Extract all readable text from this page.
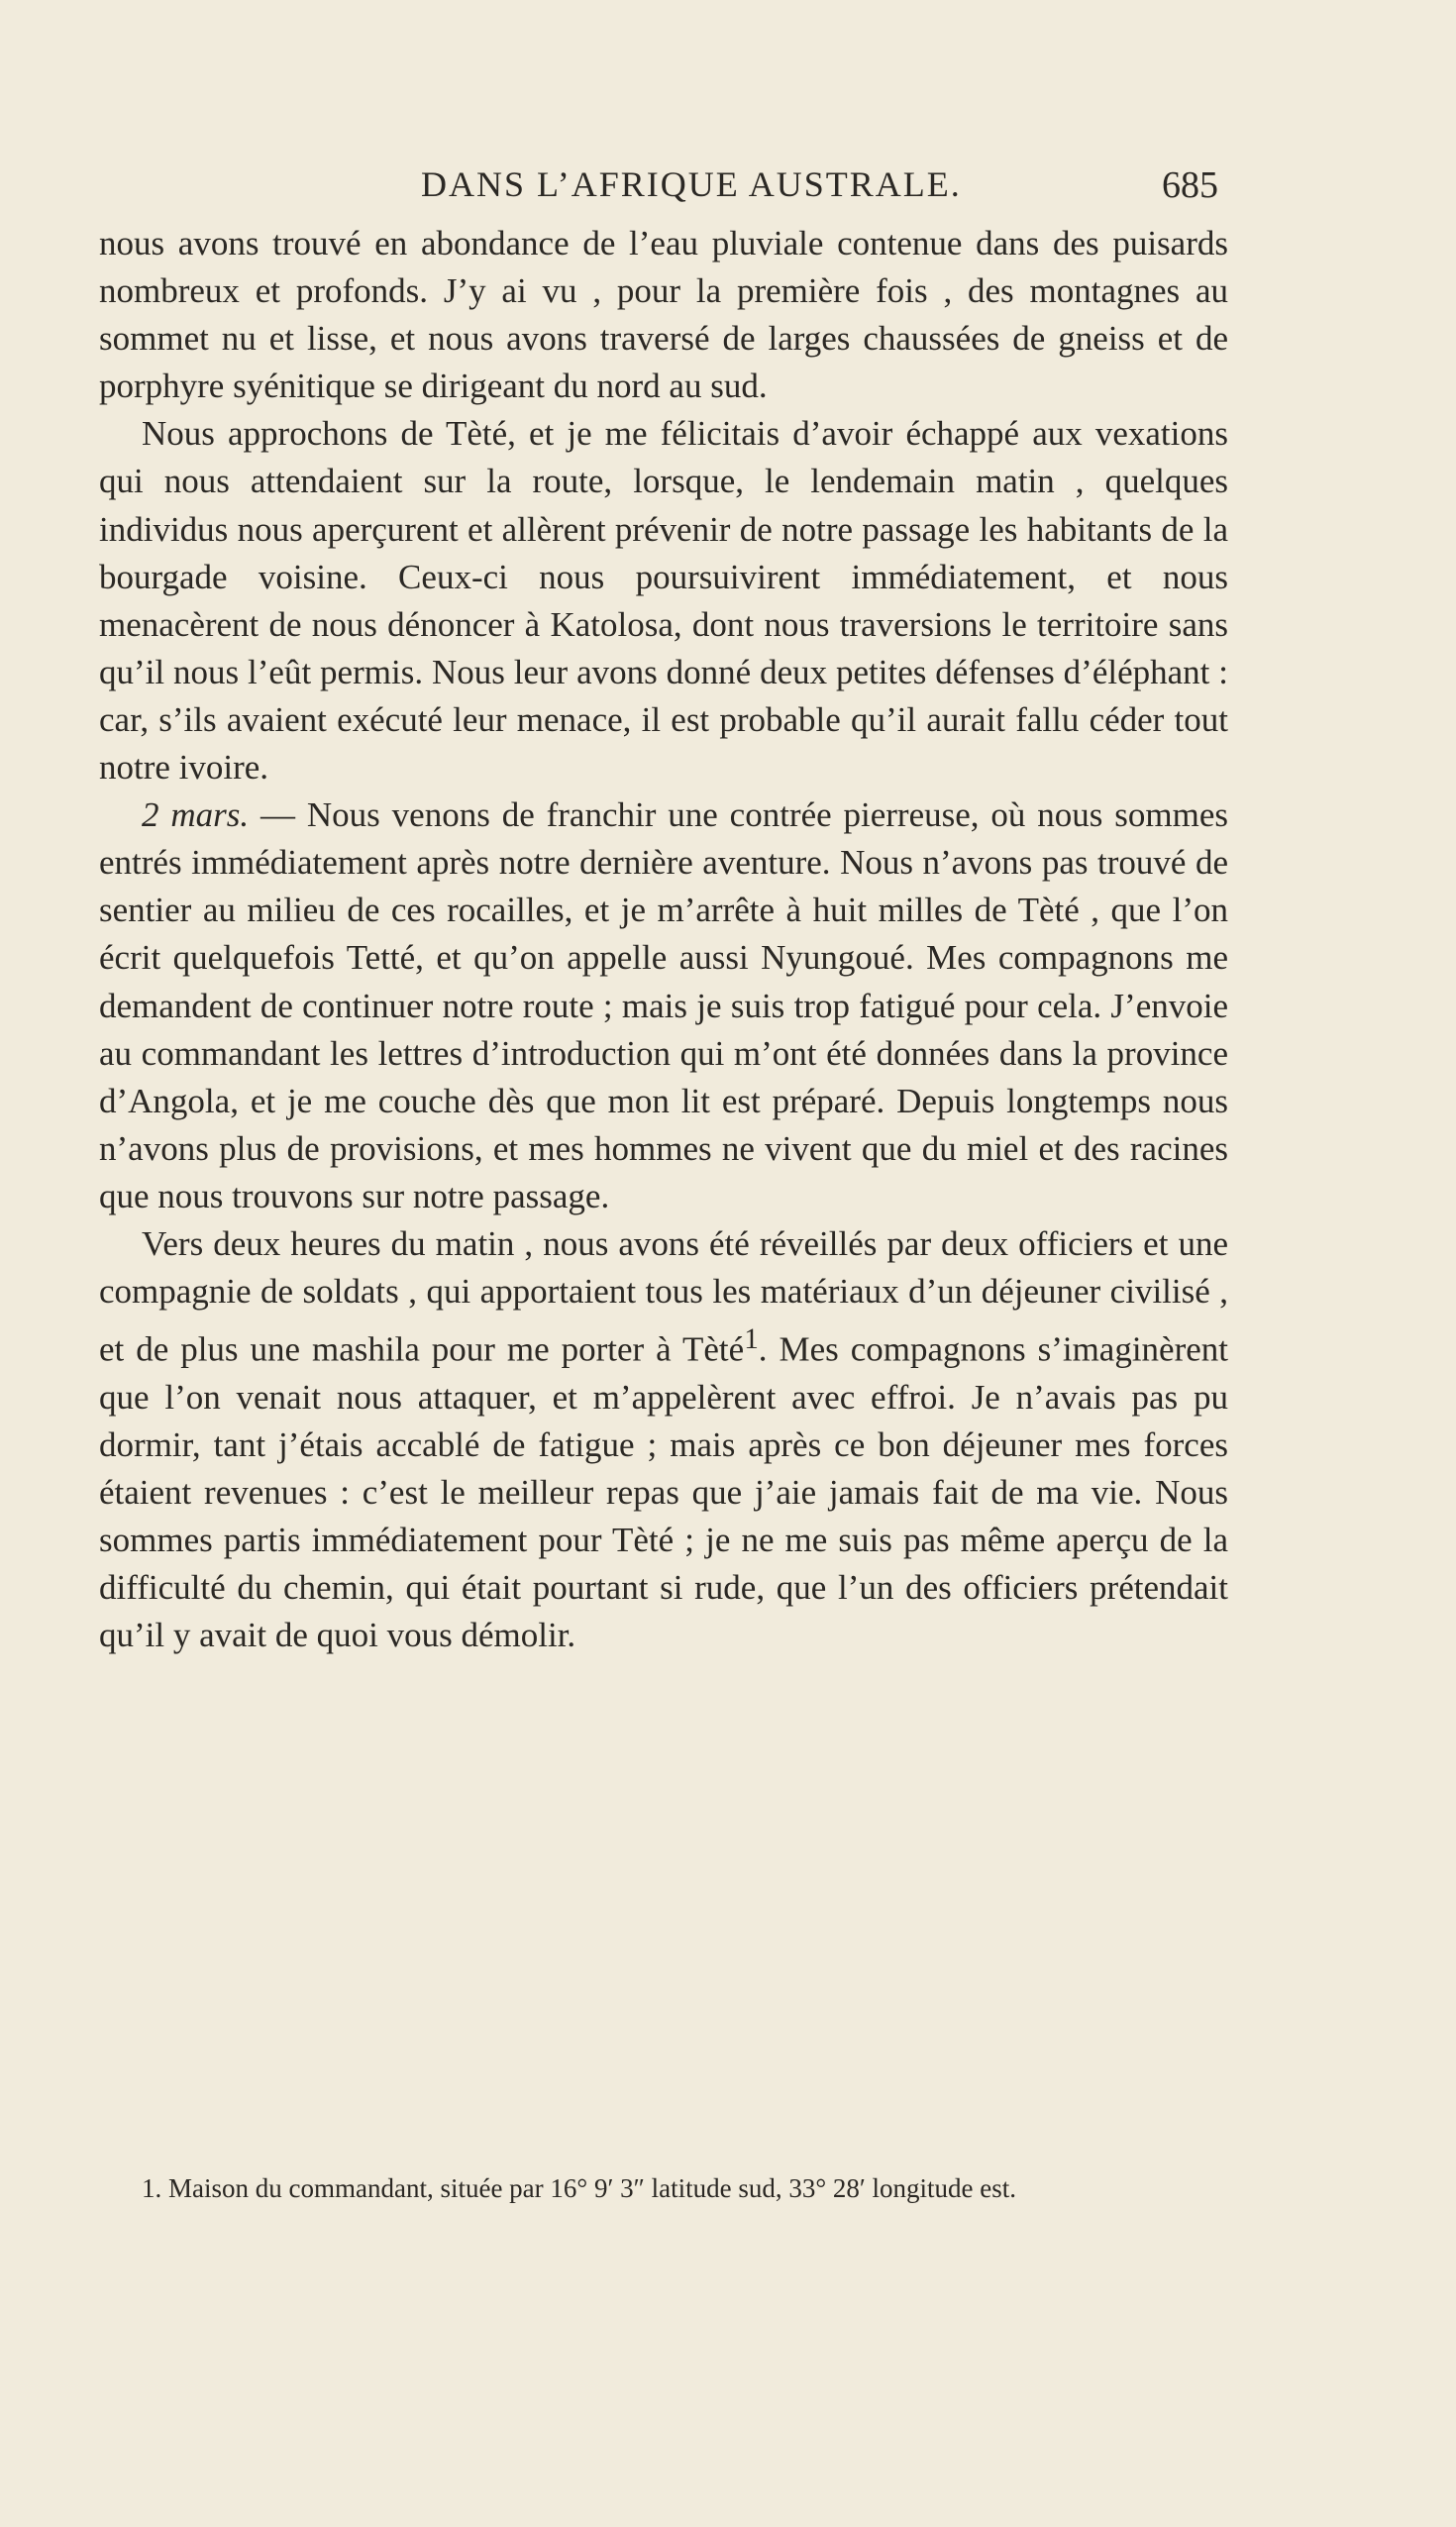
DANS L’AFRIQUE AUSTRALE.	685

nous avons trouvé en abondance de l’eau pluviale contenue dans des puisards nombreux et profonds. J’y ai vu , pour la première fois , des montagnes au sommet nu et lisse, et nous avons traversé de larges chaussées de gneiss et de porphyre syénitique se dirigeant du nord au sud.

Nous approchons de Tèté, et je me félicitais d’avoir échappé aux vexations qui nous attendaient sur la route, lorsque, le lendemain matin , quelques individus nous aperçurent et allèrent prévenir de notre passage les habitants de la bourgade voisine. Ceux-ci nous poursuivirent immédiatement, et nous menacèrent de nous dénoncer à Katolosa, dont nous traversions le territoire sans qu’il nous l’eût permis. Nous leur avons donné deux petites défenses d’éléphant : car, s’ils avaient exécuté leur menace, il est probable qu’il aurait fallu céder tout notre ivoire.

2 mars. — Nous venons de franchir une contrée pierreuse, où nous sommes entrés immédiatement après notre dernière aventure. Nous n’avons pas trouvé de sentier au milieu de ces rocailles, et je m’arrête à huit milles de Tèté , que l’on écrit quelquefois Tetté, et qu’on appelle aussi Nyungoué. Mes compagnons me demandent de continuer notre route ; mais je suis trop fatigué pour cela. J’envoie au commandant les lettres d’introduction qui m’ont été données dans la province d’Angola, et je me couche dès que mon lit est préparé. Depuis longtemps nous n’avons plus de provisions, et mes hommes ne vivent que du miel et des racines que nous trouvons sur notre passage.

Vers deux heures du matin , nous avons été réveillés par deux officiers et une compagnie de soldats , qui apportaient tous les matériaux d’un déjeuner civilisé , et de plus une mashila pour me porter à Tèté$^1$. Mes compagnons s’imaginèrent que l’on venait nous attaquer, et m’appelèrent avec effroi. Je n’avais pas pu dormir, tant j’étais accablé de fatigue ; mais après ce bon déjeuner mes forces étaient revenues : c’est le meilleur repas que j’aie jamais fait de ma vie. Nous sommes partis immédiatement pour Tèté ; je ne me suis pas même aperçu de la difficulté du chemin, qui était pourtant si rude, que l’un des officiers prétendait qu’il y avait de quoi vous démolir.

1. Maison du commandant, située par 16° 9′ 3″ latitude sud, 33° 28′ longitude est.
